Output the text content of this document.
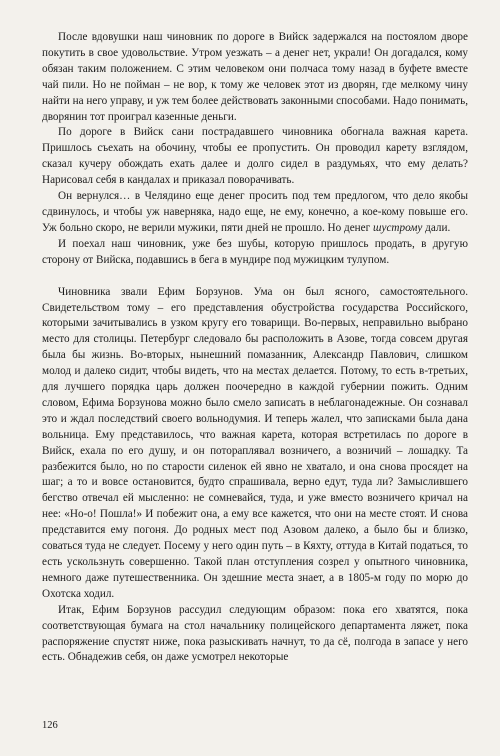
После вдовушки наш чиновник по дороге в Вийск задержался на постоялом дворе покутить в свое удовольствие. Утром уезжать – а денег нет, украли! Он догадался, кому обязан таким положением. С этим человеком они полчаса тому назад в буфете вместе чай пили. Но не пойман – не вор, к тому же человек этот из дворян, где мелкому чину найти на него управу, и уж тем более действовать законными способами. Надо понимать, дворянин тот проиграл казенные деньги.

По дороге в Вийск сани пострадавшего чиновника обогнала важная карета. Пришлось съехать на обочину, чтобы ее пропустить. Он проводил карету взглядом, сказал кучеру обождать ехать далее и долго сидел в раздумьях, что ему делать? Нарисовал себя в кандалах и приказал поворачивать.

Он вернулся… в Челядино еще денег просить под тем предлогом, что дело якобы сдвинулось, и чтобы уж наверняка, надо еще, не ему, конечно, а кое-кому повыше его. Уж больно скоро, не верили мужики, пяти дней не прошло. Но денег шустрому дали.

И поехал наш чиновник, уже без шубы, которую пришлось продать, в другую сторону от Вийска, подавшись в бега в мундире под мужицким тулупом.

Чиновника звали Ефим Борзунов. Ума он был ясного, самостоятельного. Свидетельством тому – его представления обустройства государства Российского, которыми зачитывались в узком кругу его товарищи. Во-первых, неправильно выбрано место для столицы. Петербург следовало бы расположить в Азове, тогда совсем другая была бы жизнь. Во-вторых, нынешний помазанник, Александр Павлович, слишком молод и далеко сидит, чтобы видеть, что на местах делается. Потому, то есть в-третьих, для лучшего порядка царь должен поочередно в каждой губернии пожить. Одним словом, Ефима Борзунова можно было смело записать в неблагонадежные. Он сознавал это и ждал последствий своего вольнодумия. И теперь жалел, что записками была дана вольница. Ему представилось, что важная карета, которая встретилась по дороге в Вийск, ехала по его душу, и он потораплявал возничего, а возничий – лошадку. Та разбежится было, но по старости силенок ей явно не хватало, и она снова просядет на шаг; а то и вовсе остановится, будто спрашивала, верно едут, туда ли? Замыслившего бегство отвечал ей мысленно: не сомневайся, туда, и уже вместо возничего кричал на нее: «Но-о! Пошла!» И побежит она, а ему все кажется, что они на месте стоят. И снова представится ему погоня. До родных мест под Азовом далеко, а было бы и близко, соваться туда не следует. Посему у него один путь – в Кяхту, оттуда в Китай податься, то есть ускользнуть совершенно. Такой план отступления созрел у опытного чиновника, немного даже путешественника. Он здешние места знает, а в 1805-м году по морю до Охотска ходил.

Итак, Ефим Борзунов рассудил следующим образом: пока его хватятся, пока соответствующая бумага на стол начальнику полицейского департамента ляжет, пока распоряжение спустят ниже, пока разыскивать начнут, то да сё, полгода в запасе у него есть. Обнадежив себя, он даже усмотрел некоторые

126
